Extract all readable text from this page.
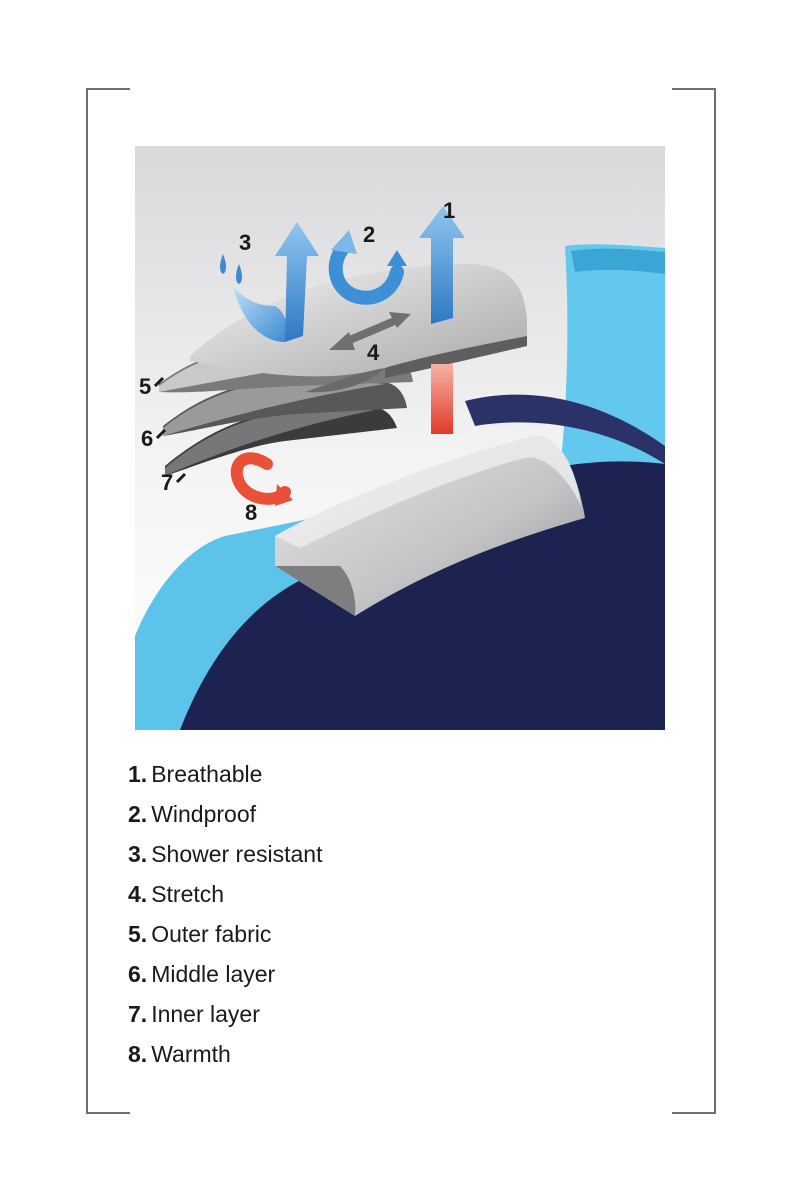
1
2
3
4
5
6
7
8
1. Breathable
2. Windproof
3. Shower resistant
4. Stretch
5. Outer fabric
6. Middle layer
7. Inner layer
8. Warmth
